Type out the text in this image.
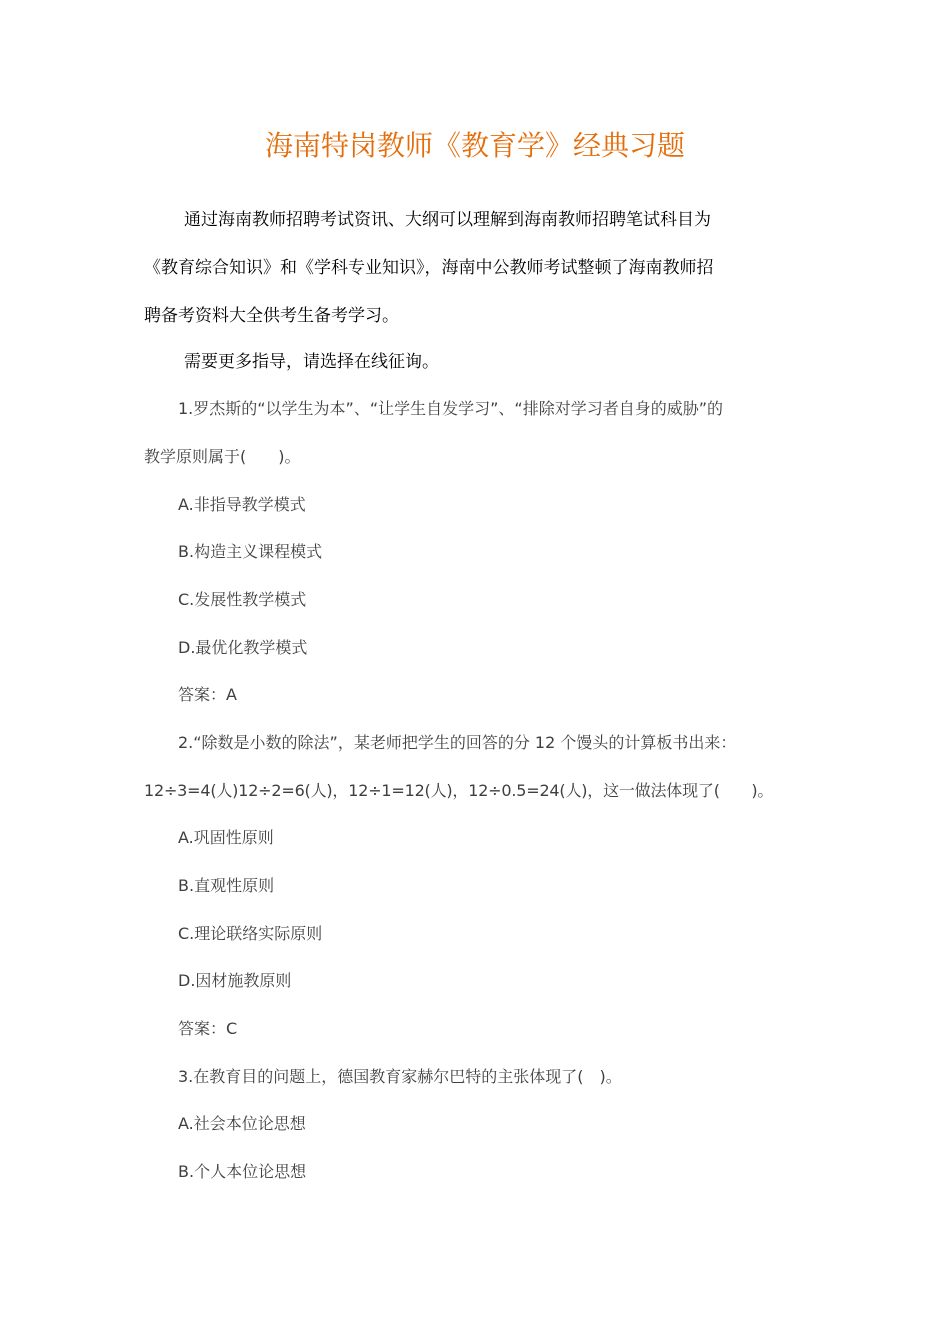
海南特岗教师《教育学》经典习题
通过海南教师招聘考试资讯、大纲可以理解到海南教师招聘笔试科目为
《教育综合知识》和《学科专业知识》，海南中公教师考试整顿了海南教师招
聘备考资料大全供考生备考学习。
需要更多指导，请选择在线征询。
1.罗杰斯的“以学生为本”、“让学生自发学习”、“排除对学习者自身的威胁”的
教学原则属于(　　)。
A.非指导教学模式
B.构造主义课程模式
C.发展性教学模式
D.最优化教学模式
答案：A
2.“除数是小数的除法”，某老师把学生的回答的分 12 个馒头的计算板书出来：
12÷3=4(人)12÷2=6(人)，12÷1=12(人)，12÷0.5=24(人)，这一做法体现了(　　)。
A.巩固性原则
B.直观性原则
C.理论联络实际原则
D.因材施教原则
答案：C
3.在教育目的问题上，德国教育家赫尔巴特的主张体现了(　)。
A.社会本位论思想
B.个人本位论思想
